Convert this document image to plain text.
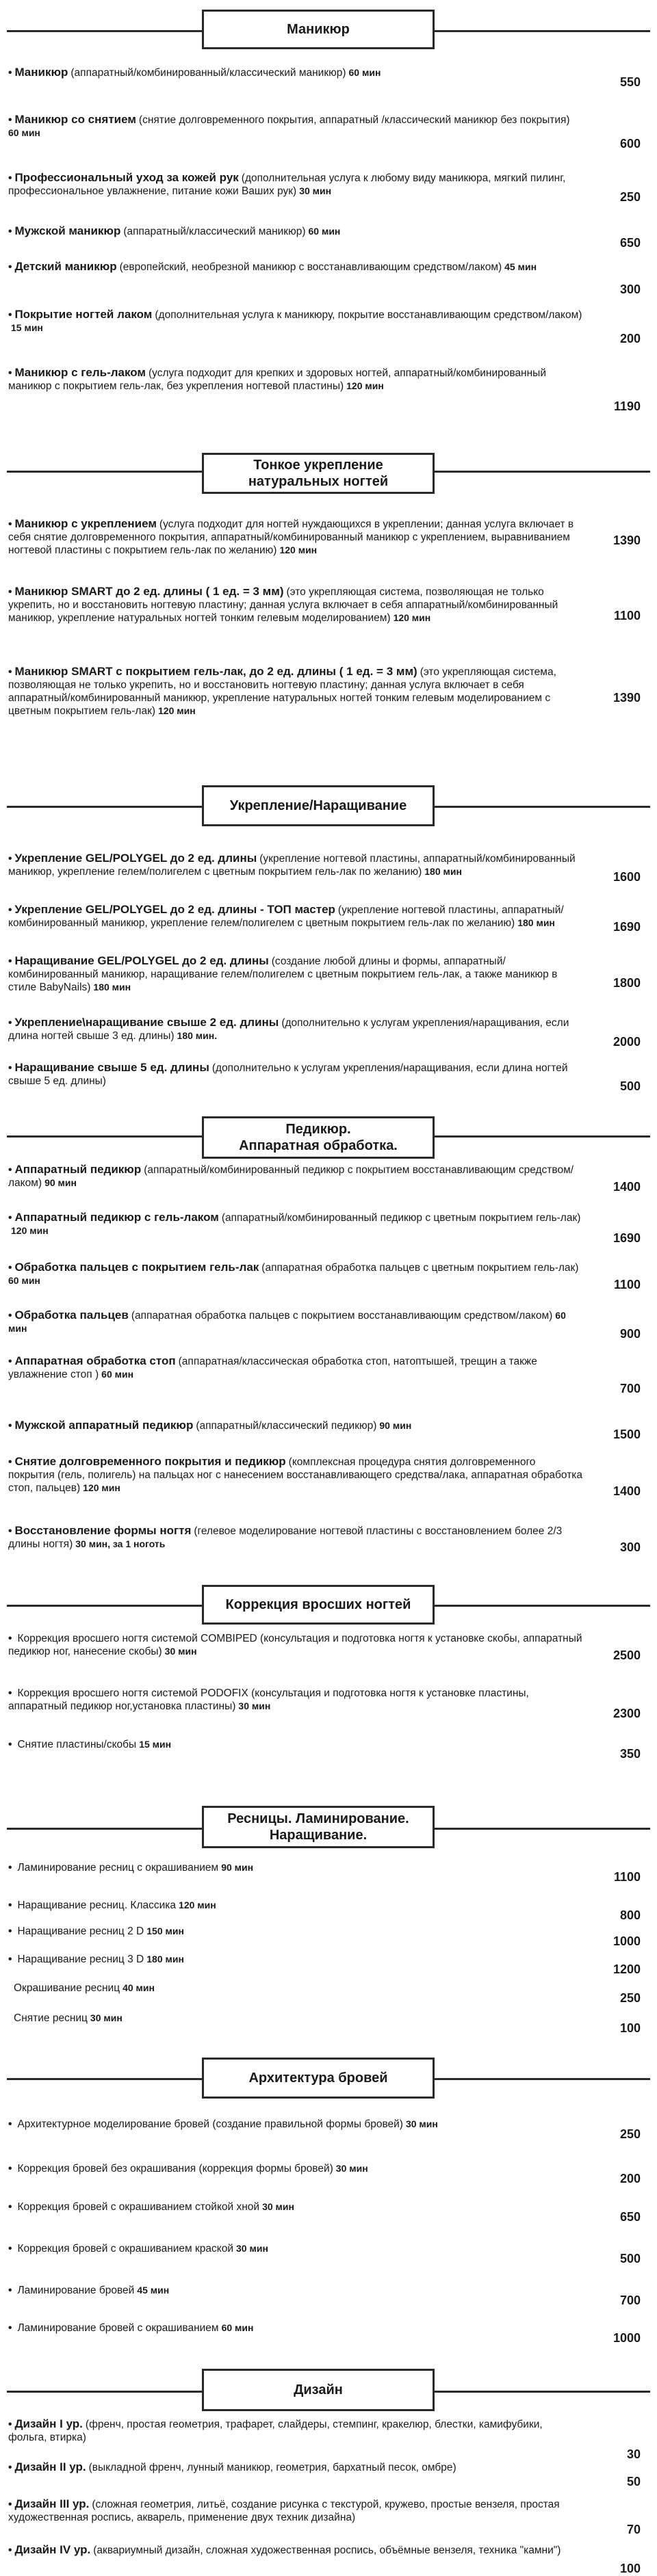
Маникюр
• Маникюр (аппаратный/комбинированный/классический маникюр) 60 мин
550
• Маникюр со снятием (снятие долговременного покрытия, аппаратный /классический маникюр без покрытия)60 мин
600
• Профессиональный уход за кожей рук (дополнительная услуга к любому виду маникюра, мягкий пилинг, профессиональное увлажнение, питание кожи Ваших рук) 30 мин	250
• Мужской маникюр (аппаратный/классический маникюр) 60 мин
650
• Детский маникюр (европейский, необрезной маникюр с восстанавливающим средством/лаком) 45 мин
300
• Покрытие ногтей лаком (дополнительная услуга к маникюру, покрытие восстанавливающим средством/лаком)15 мин
200
• Маникюр с гель-лаком (услуга подходит для крепких и здоровых ногтей, аппаратный/комбинированный маникюр с покрытием гель-лак, без укрепления ногтевой пластины) 120 мин
1190
Тонкое укрепление
натуральных ногтей
• Маникюр с укреплением (услуга подходит для ногтей нуждающихся в укреплении; данная услуга включает в себя снятие долговременного покрытия, аппаратный/комбинированный маникюр с укреплением, выравниванием ногтевой пластины с покрытием гель-лак по желанию) 120 мин
1390
• Маникюр SMART до 2 ед. длины ( 1 ед. = 3 мм) (это укрепляющая система, позволяющая не только укрепить, но и восстановить ногтевую пластину; данная услуга включает в себя аппаратный/комбинированный маникюр, укрепление натуральных ногтей тонким гелевым моделированием) 120 мин	1100
• Маникюр SMART с покрытием гель-лак, до 2 ед. длины ( 1 ед. = 3 мм) (это укрепляющая система, позволяющая не только укрепить, но и восстановить ногтевую пластину; данная услуга включает в себя аппаратный/комбинированный маникюр, укрепление натуральных ногтей тонким гелевым моделированием с цветным покрытием гель-лак) 120 мин
1390
Укрепление/Наращивание
• Укрепление GEL/POLYGEL до 2 ед. длины (укрепление ногтевой пластины, аппаратный/комбинированный маникюр, укрепление гелем/полигелем с цветным покрытием гель-лак по желанию) 180 мин	1600
• Укрепление GEL/POLYGEL до 2 ед. длины - ТОП мастер (укрепление ногтевой пластины, аппаратный/комбинированный маникюр, укрепление гелем/полигелем с цветным покрытием гель-лак по желанию) 180 мин	1690
• Наращивание GEL/POLYGEL до 2 ед. длины (создание любой длины и формы, аппаратный/комбинированный маникюр, наращивание гелем/полигелем с цветным покрытием гель-лак, а также маникюр в стиле BabyNails) 180 мин	1800
• Укрепление\наращивание свыше 2 ед. длины (дополнительно к услугам укрепления/наращивания, если длина ногтей свыше 3 ед. длины) 180 мин.	2000
• Наращивание свыше 5 ед. длины (дополнительно к услугам укрепления/наращивания, если длина ногтей свыше 5 ед. длины)	500
Педикюр.
Аппаратная обработка.
• Аппаратный педикюр (аппаратный/комбинированный педикюр с покрытием восстанавливающим средством/лаком) 90 мин	1400
• Аппаратный педикюр с гель-лаком (аппаратный/комбинированный педикюр с цветным покрытием гель-лак)120 мин
1690
• Обработка пальцев с покрытием гель-лак (аппаратная обработка пальцев с цветным покрытием гель-лак)60 мин	1100
• Обработка пальцев (аппаратная обработка пальцев с покрытием восстанавливающим средством/лаком) 60 мин	900
• Аппаратная обработка стоп (аппаратная/классическая обработка стоп, натоптышей, трещин а также увлажнение стоп ) 60 мин
700
• Мужской аппаратный педикюр (аппаратный/классический педикюр) 90 мин
1500
• Снятие долговременного покрытия и педикюр (комплексная процедура снятия долговременного покрытия (гель, полигель) на пальцах ног с нанесением восстанавливающего средства/лака, аппаратная обработка стоп, пальцев) 120 мин	1400
• Восстановление формы ногтя (гелевое моделирование ногтевой пластины с восстановлением более 2/3 длины ногтя) 30 мин, за 1 ноготь	300
Коррекция вросших ногтей
• Коррекция вросшего ногтя системой COMBIPED (консультация и подготовка ногтя к установке скобы, аппаратный педикюр ног, нанесение скобы) 30 мин	2500
• Коррекция вросшего ногтя системой PODOFIX (консультация и подготовка ногтя к установке пластины, аппаратный педикюр ног,установка пластины) 30 мин
2300
• Снятие пластины/скобы 15 мин
350
Ресницы. Ламинирование.
Наращивание.
• Ламинирование ресниц с окрашиванием 90 мин
1100
• Наращивание ресниц. Классика 120 мин
800
• Наращивание ресниц 2 D 150 мин
1000
• Наращивание ресниц 3 D 180 мин
1200
Окрашивание ресниц 40 мин
250
Снятие ресниц 30 мин
100
Архитектура бровей
• Архитектурное моделирование бровей (создание правильной формы бровей) 30 мин
250
• Коррекция бровей без окрашивания (коррекция формы бровей) 30 мин
200
• Коррекция бровей с окрашиванием стойкой хной 30 мин
650
• Коррекция бровей с окрашиванием краской 30 мин
500
• Ламинирование бровей 45 мин
700
• Ламинирование бровей с окрашиванием 60 мин
1000
Дизайн
• Дизайн I ур. (френч, простая геометрия, трафарет, слайдеры, стемпинг, кракелюр, блестки, камифубики, фольга, втирка)
30
• Дизайн II ур. (выкладной френч, лунный маникюр, геометрия, бархатный песок, омбре)
50
• Дизайн III ур. (сложная геометрия, литьё, создание рисунка с текстурой, кружево, простые вензеля, простая художественная роспись, акварель, применение двух техник дизайна)
70
• Дизайн IV ур. (аквариумный дизайн, сложная художественная роспись, объёмные вензеля, техника "камни")
100
